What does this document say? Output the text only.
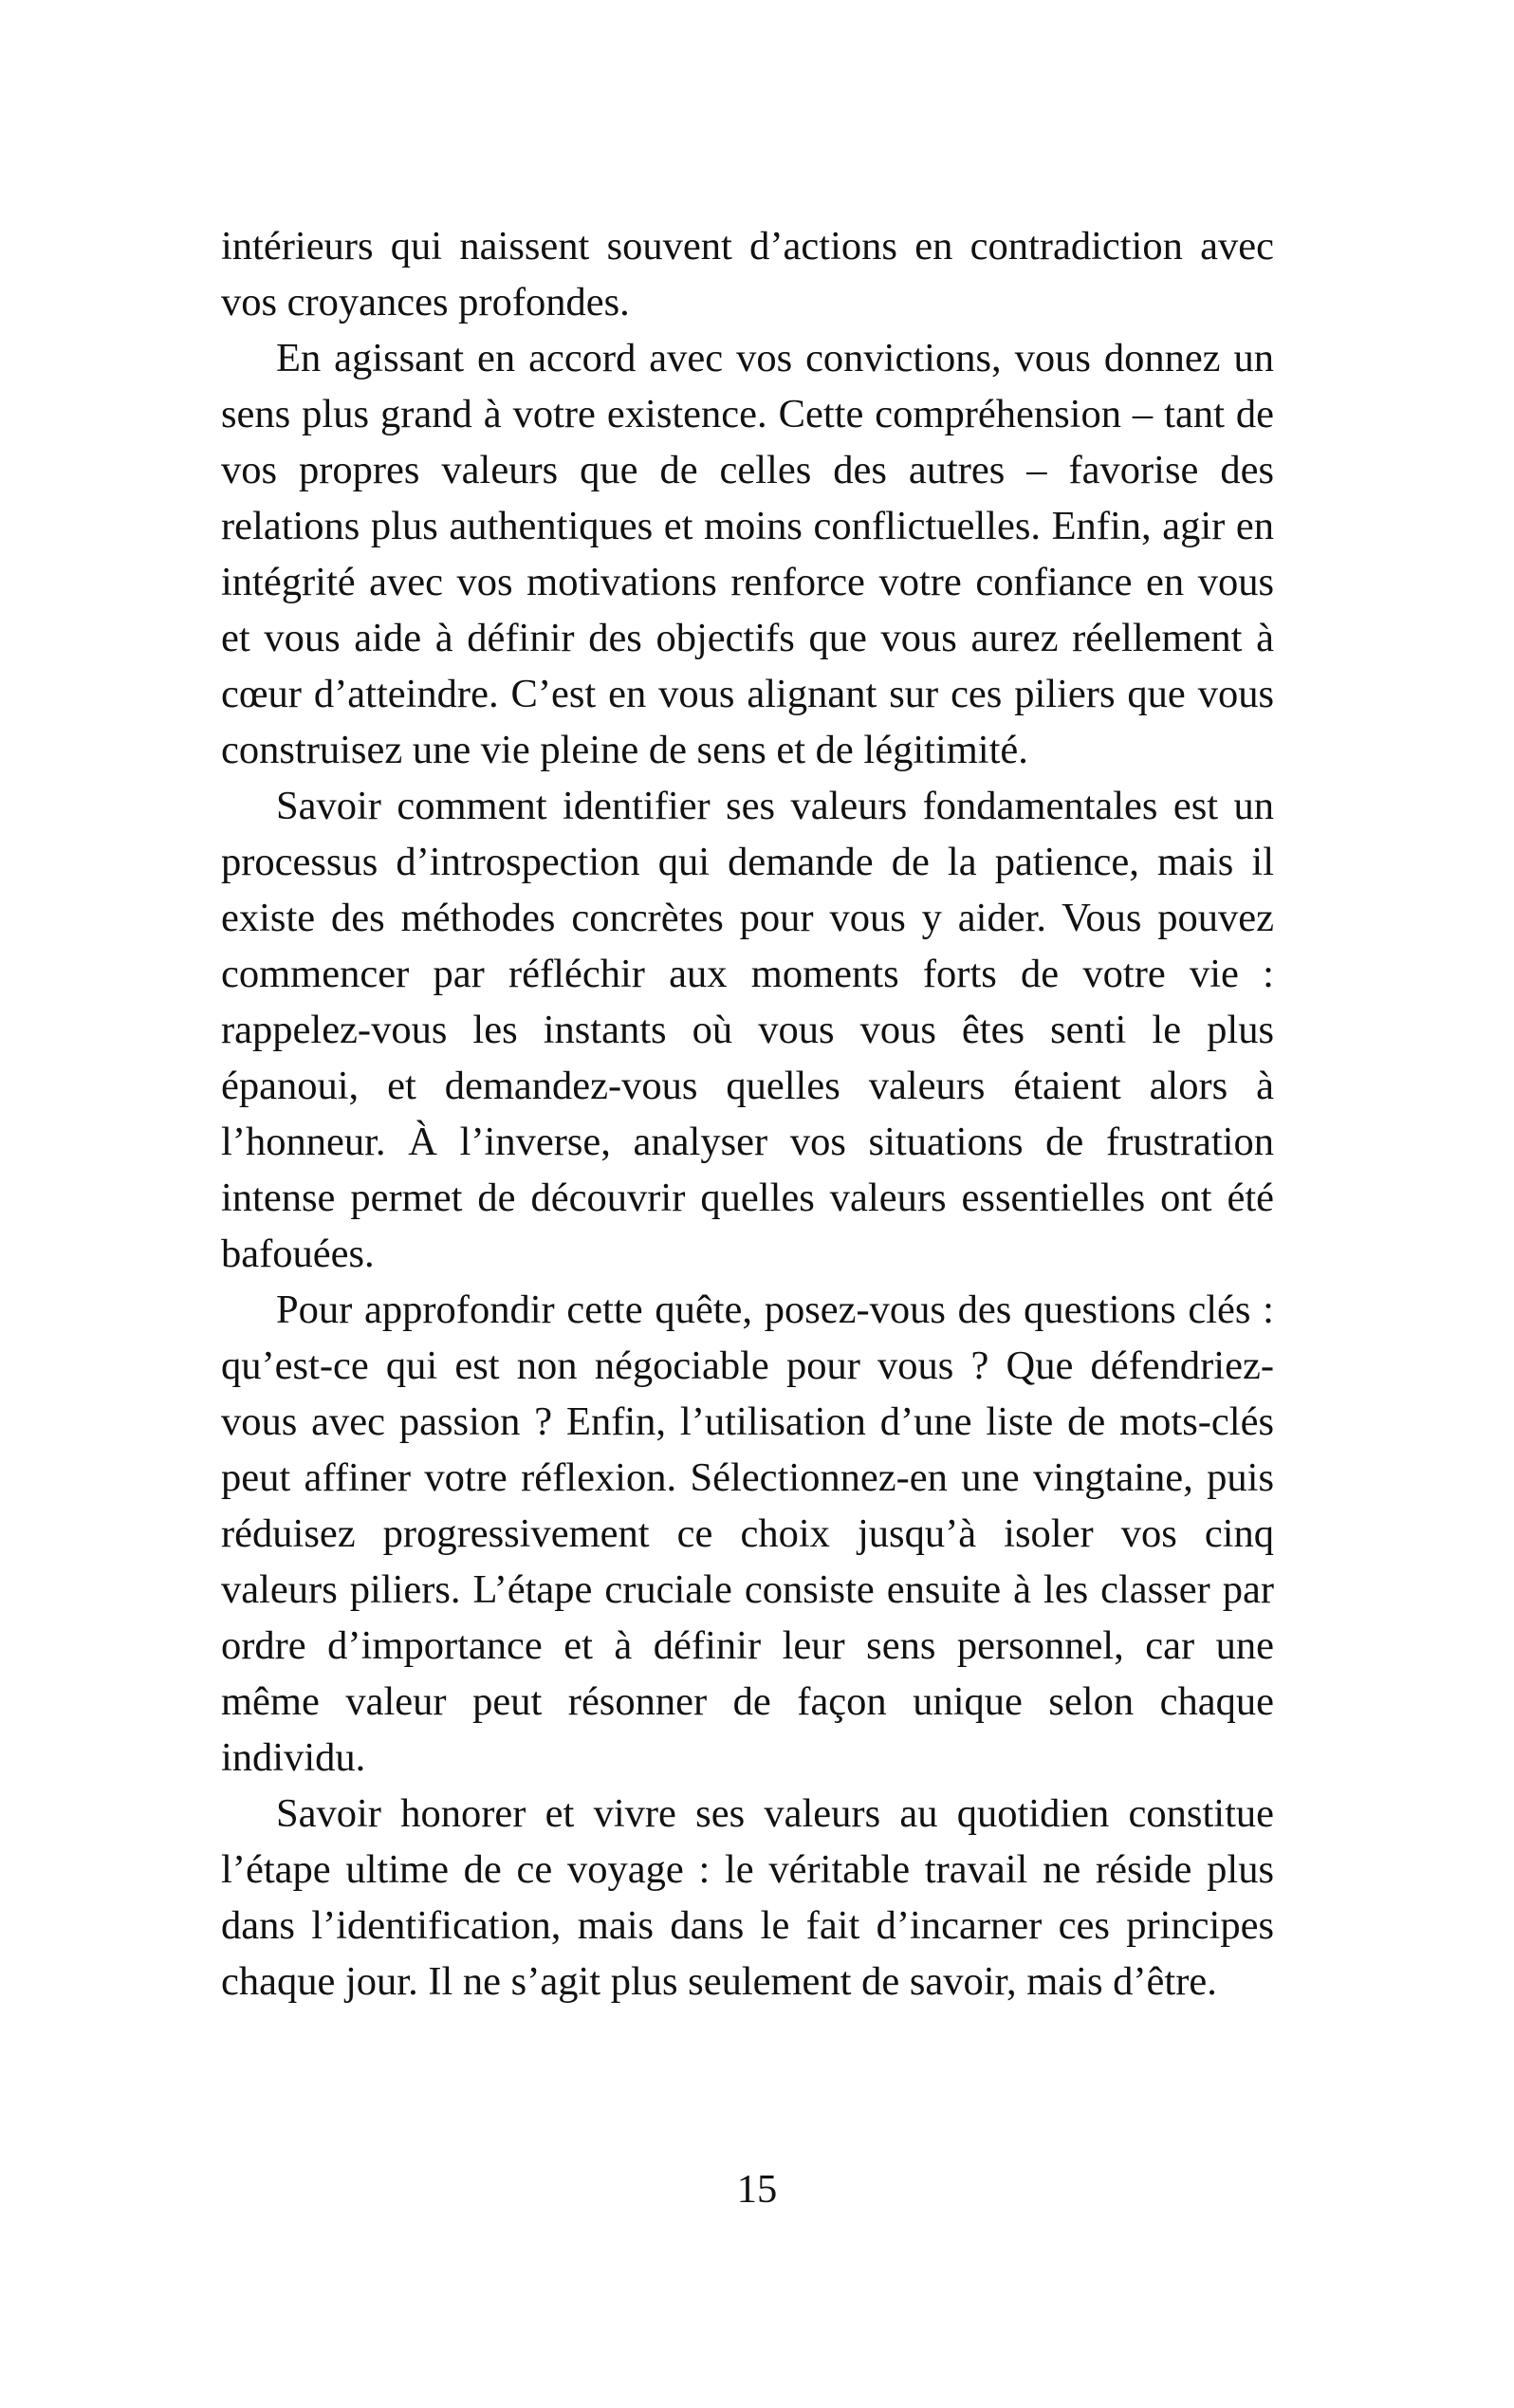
intérieurs qui naissent souvent d’actions en contradiction avec vos croyances profondes.

En agissant en accord avec vos convictions, vous donnez un sens plus grand à votre existence. Cette compréhension – tant de vos propres valeurs que de celles des autres – favorise des relations plus authentiques et moins conflictuelles. Enfin, agir en intégrité avec vos motivations renforce votre confiance en vous et vous aide à définir des objectifs que vous aurez réellement à cœur d’atteindre. C’est en vous alignant sur ces piliers que vous construisez une vie pleine de sens et de légitimité.

Savoir comment identifier ses valeurs fondamentales est un processus d’introspection qui demande de la patience, mais il existe des méthodes concrètes pour vous y aider. Vous pouvez commencer par réfléchir aux moments forts de votre vie : rappelez-vous les instants où vous vous êtes senti le plus épanoui, et demandez-vous quelles valeurs étaient alors à l’honneur. À l’inverse, analyser vos situations de frustration intense permet de découvrir quelles valeurs essentielles ont été bafouées.

Pour approfondir cette quête, posez-vous des questions clés : qu’est-ce qui est non négociable pour vous ? Que défendriez-vous avec passion ? Enfin, l’utilisation d’une liste de mots-clés peut affiner votre réflexion. Sélectionnez-en une vingtaine, puis réduisez progressivement ce choix jusqu’à isoler vos cinq valeurs piliers. L’étape cruciale consiste ensuite à les classer par ordre d’importance et à définir leur sens personnel, car une même valeur peut résonner de façon unique selon chaque individu.

Savoir honorer et vivre ses valeurs au quotidien constitue l’étape ultime de ce voyage : le véritable travail ne réside plus dans l’identification, mais dans le fait d’incarner ces principes chaque jour. Il ne s’agit plus seulement de savoir, mais d’être.

15
